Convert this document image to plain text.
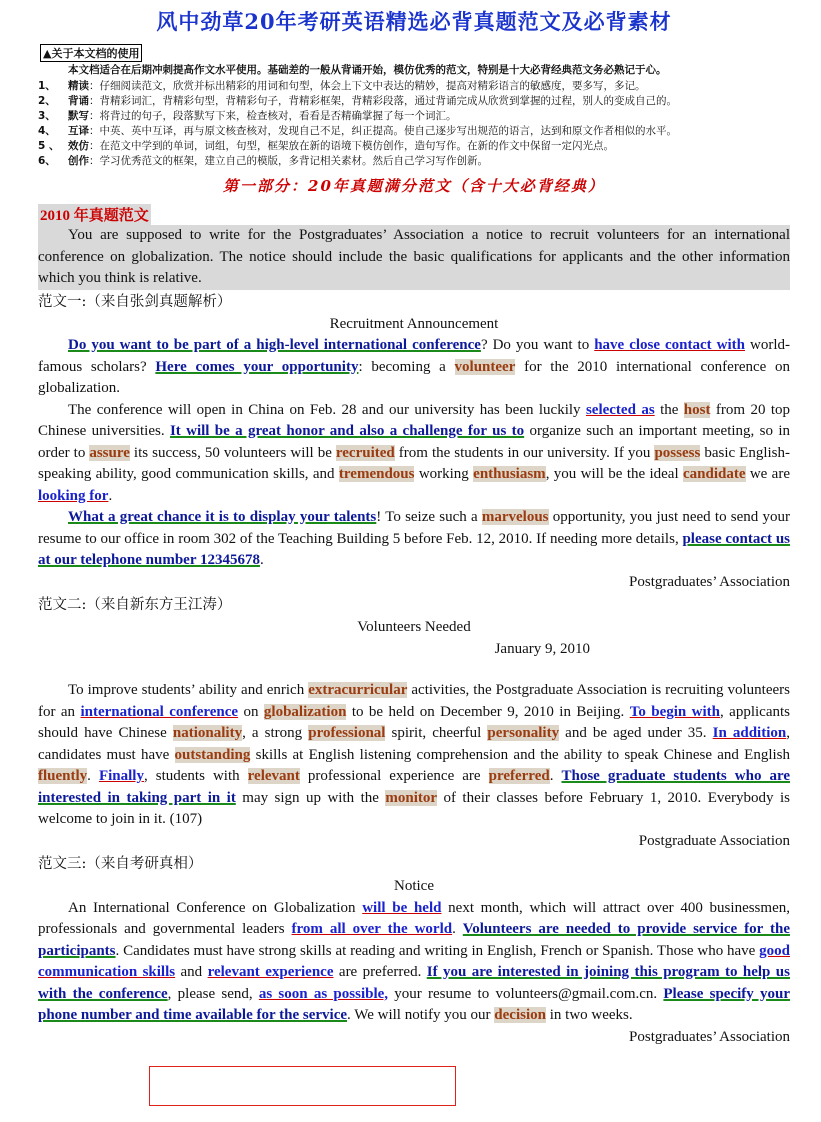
风中劲草20年考研英语精选必背真题范文及必背素材
▲关于本文档的使用
本文档适合在后期冲刺提高作文水平使用。基础差的一般从背诵开始，模仿优秀的范文，特别是十大必背经典范文务必熟记于心。
1、	精读：仔细阅读范文，欣赏并标出精彩的用词和句型，体会上下文中表达的精妙，提高对精彩语言的敏感度，要多写，多记。
2、	背诵：背精彩词汇，背精彩句型，背精彩句子，背精彩框架，背精彩段落，通过背诵完成从欣赏到掌握的过程，别人的变成自己的。
3、	默写：将背过的句子，段落默写下来，检查核对，看看是否精确掌握了每一个词汇。
4、	互译：中英、英中互译，再与原文核查核对，发现自己不足，纠正提高。使自己逐步写出规范的语言，达到和原文作者相似的水平。
5 、 效仿：在范文中学到的单词，词组，句型，框架放在新的语境下模仿创作，造句写作。在新的作文中保留一定闪光点。
6、	创作：学习优秀范文的框架，建立自己的模版，多背记相关素材。然后自己学习写作创新。
第一部分：20年真题满分范文（含十大必背经典）
2010 年真题范文

You are supposed to write for the Postgraduates’ Association a notice to recruit volunteers for an international conference on globalization. The notice should include the basic qualifications for applicants and the other information which you think is relative.

范文一:（来自张剑真题解析）
Recruitment Announcement

Do you want to be part of a high-level international conference? Do you want to have close contact with world-famous scholars? Here comes your opportunity: becoming a volunteer for the 2010 international conference on globalization.

The conference will open in China on Feb. 28 and our university has been luckily selected as the host from 20 top Chinese universities. It will be a great honor and also a challenge for us to organize such an important meeting, so in order to assure its success, 50 volunteers will be recruited from the students in our university. If you possess basic English-speaking ability, good communication skills, and tremendous working enthusiasm, you will be the ideal candidate we are looking for.

What a great chance it is to display your talents! To seize such a marvelous opportunity, you just need to send your resume to our office in room 302 of the Teaching Building 5 before Feb. 12, 2010. If needing more details, please contact us at our telephone number 12345678.

Postgraduates’ Association
范文二:（来自新东方王江涛）
Volunteers Needed
January 9, 2010

To improve students’ ability and enrich extracurricular activities, the Postgraduate Association is recruiting volunteers for an international conference on globalization to be held on December 9, 2010 in Beijing. To begin with, applicants should have Chinese nationality, a strong professional spirit, cheerful personality and be aged under 35. In addition, candidates must have outstanding skills at English listening comprehension and the ability to speak Chinese and English fluently. Finally, students with relevant professional experience are preferred. Those graduate students who are interested in taking part in it may sign up with the monitor of their classes before February 1, 2010. Everybody is welcome to join in it. (107)

Postgraduate Association
范文三:（来自考研真相）
Notice

An International Conference on Globalization will be held next month, which will attract over 400 businessmen, professionals and governmental leaders from all over the world. Volunteers are needed to provide service for the participants. Candidates must have strong skills at reading and writing in English, French or Spanish. Those who have good communication skills and relevant experience are preferred. If you are interested in joining this program to help us with the conference, please send, as soon as possible, your resume to volunteers@gmail.com.cn. Please specify your phone number and time available for the service. We will notify you our decision in two weeks.

Postgraduates’ Association
